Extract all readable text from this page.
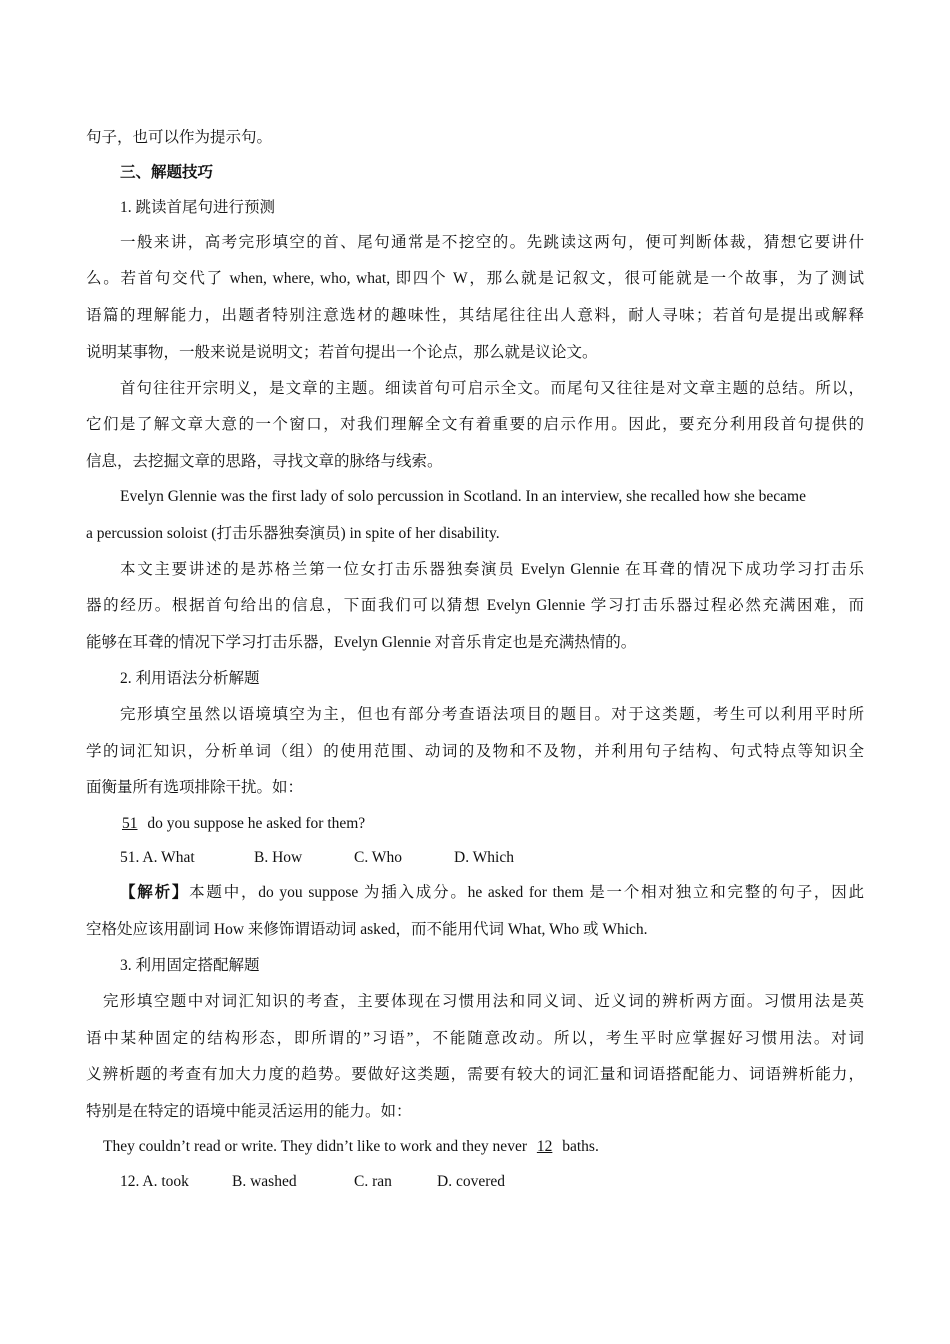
句子，也可以作为提示句。
三、解题技巧
1. 跳读首尾句进行预测
一般来讲，高考完形填空的首、尾句通常是不挖空的。先跳读这两句，便可判断体裁，猜想它要讲什
么。若首句交代了 when, where, who, what, 即四个 W，那么就是记叙文，很可能就是一个故事，为了测试
语篇的理解能力，出题者特别注意选材的趣味性，其结尾往往出人意料，耐人寻味；若首句是提出或解释
说明某事物，一般来说是说明文；若首句提出一个论点，那么就是议论文。
首句往往开宗明义，是文章的主题。细读首句可启示全文。而尾句又往往是对文章主题的总结。所以，
它们是了解文章大意的一个窗口，对我们理解全文有着重要的启示作用。因此，要充分利用段首句提供的
信息，去挖掘文章的思路，寻找文章的脉络与线索。
Evelyn Glennie was the first lady of solo percussion in Scotland. In an interview, she recalled how she became
a percussion soloist (打击乐器独奏演员) in spite of her disability.
本文主要讲述的是苏格兰第一位女打击乐器独奏演员 Evelyn Glennie 在耳聋的情况下成功学习打击乐
器的经历。根据首句给出的信息，下面我们可以猜想 Evelyn Glennie 学习打击乐器过程必然充满困难，而
能够在耳聋的情况下学习打击乐器，Evelyn Glennie 对音乐肯定也是充满热情的。
2. 利用语法分析解题
完形填空虽然以语境填空为主，但也有部分考查语法项目的题目。对于这类题，考生可以利用平时所
学的词汇知识，分析单词（组）的使用范围、动词的及物和不及物，并利用句子结构、句式特点等知识全
面衡量所有选项排除干扰。如：
51 do you suppose he asked for them?
51. A. What	B. How	C. Who	D. Which
【解析】本题中，do you suppose 为插入成分。he asked for them 是一个相对独立和完整的句子，因此
空格处应该用副词 How 来修饰谓语动词 asked，而不能用代词 What, Who 或 Which.
3. 利用固定搭配解题
完形填空题中对词汇知识的考查，主要体现在习惯用法和同义词、近义词的辨析两方面。习惯用法是英
语中某种固定的结构形态，即所谓的”习语”，不能随意改动。所以，考生平时应掌握好习惯用法。对词
义辨析题的考查有加大力度的趋势。要做好这类题，需要有较大的词汇量和词语搭配能力、词语辨析能力，
特别是在特定的语境中能灵活运用的能力。如：
They couldn’t read or write. They didn’t like to work and they never 12 baths.
12. A. took	B. washed	C. ran	D. covered
